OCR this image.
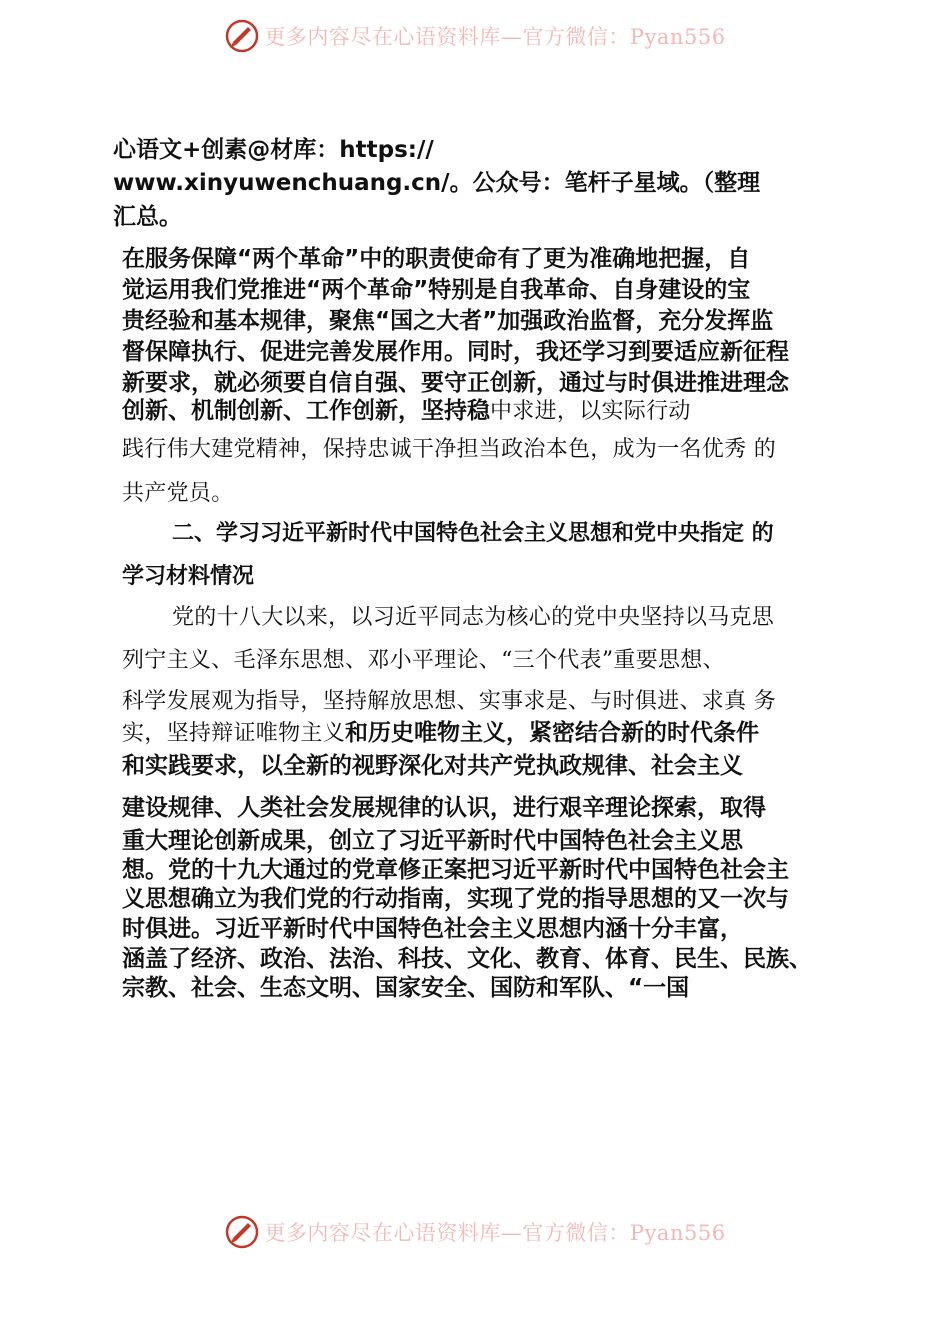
更多内容尽在心语资料库—官方微信：Pyan556
心语文+创素@材库：https://
www.xinyuwenchuang.cn/。公众号：笔杆子星域。（整理
汇总。
在服务保障“两个革命”中的职责使命有了更为准确地把握，自
觉运用我们党推进“两个革命”特别是自我革命、自身建设的宝
贵经验和基本规律，聚焦“国之大者”加强政治监督，充分发挥监
督保障执行、促进完善发展作用。同时，我还学习到要适应新征程
新要求，就必须要自信自强、要守正创新，通过与时俱进推进理念
创新、机制创新、工作创新，坚持稳中求进，以实际行动
践行伟大建党精神，保持忠诚干净担当政治本色，成为一名优秀 的
共产党员。
二、学习习近平新时代中国特色社会主义思想和党中央指定 的
学习材料情况
党的十八大以来，以习近平同志为核心的党中央坚持以马克思
列宁主义、毛泽东思想、邓小平理论、“三个代表”重要思想、
科学发展观为指导，坚持解放思想、实事求是、与时俱进、求真 务
实，坚持辩证唯物主义和历史唯物主义，紧密结合新的时代条件
和实践要求，以全新的视野深化对共产党执政规律、社会主义
建设规律、人类社会发展规律的认识，进行艰辛理论探索，取得
重大理论创新成果，创立了习近平新时代中国特色社会主义思
想。党的十九大通过的党章修正案把习近平新时代中国特色社会主
义思想确立为我们党的行动指南，实现了党的指导思想的又一次与
时俱进。习近平新时代中国特色社会主义思想内涵十分丰富，
涵盖了经济、政治、法治、科技、文化、教育、体育、民生、民族、
宗教、社会、生态文明、国家安全、国防和军队、“一国
更多内容尽在心语资料库—官方微信：Pyan556
